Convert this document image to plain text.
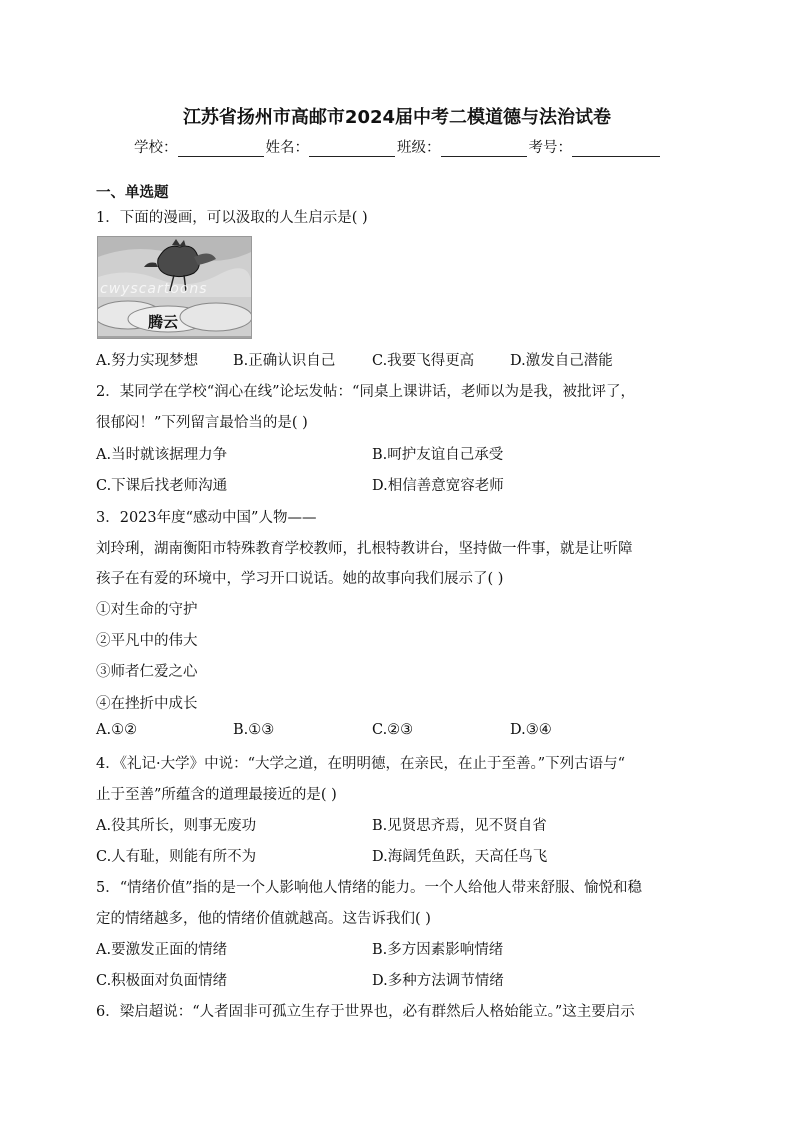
江苏省扬州市高邮市2024届中考二模道德与法治试卷
学校：	姓名：	班级：	考号：
一、单选题
1．下面的漫画，可以汲取的人生启示是( )
cwyscartoons
腾云
A.努力实现梦想 B.正确认识自己	C.我要飞得更高 D.激发自己潜能
2．某同学在学校“润心在线”论坛发帖：“同桌上课讲话，老师以为是我，被批评了，
很郁闷！”下列留言最恰当的是( )
A.当时就该据理力争	B.呵护友谊自己承受
C.下课后找老师沟通	D.相信善意宽容老师
3．2023年度“感动中国”人物——
刘玲琍，湖南衡阳市特殊教育学校教师，扎根特教讲台，坚持做一件事，就是让听障
孩子在有爱的环境中，学习开口说话。她的故事向我们展示了( )
①对生命的守护
②平凡中的伟大
③师者仁爱之心
④在挫折中成长
A.①②	B.①③	C.②③	D.③④
4．《礼记·大学》中说：“大学之道，在明明德，在亲民，在止于至善。”下列古语与“
止于至善”所蕴含的道理最接近的是( )
A.役其所长，则事无废功	B.见贤思齐焉，见不贤自省
C.人有耻，则能有所不为	D.海阔凭鱼跃，天高任鸟飞
5．“情绪价值”指的是一个人影响他人情绪的能力。一个人给他人带来舒服、愉悦和稳
定的情绪越多，他的情绪价值就越高。这告诉我们( )
A.要激发正面的情绪	B.多方因素影响情绪
C.积极面对负面情绪	D.多种方法调节情绪
6．梁启超说：“人者固非可孤立生存于世界也，必有群然后人格始能立。”这主要启示
